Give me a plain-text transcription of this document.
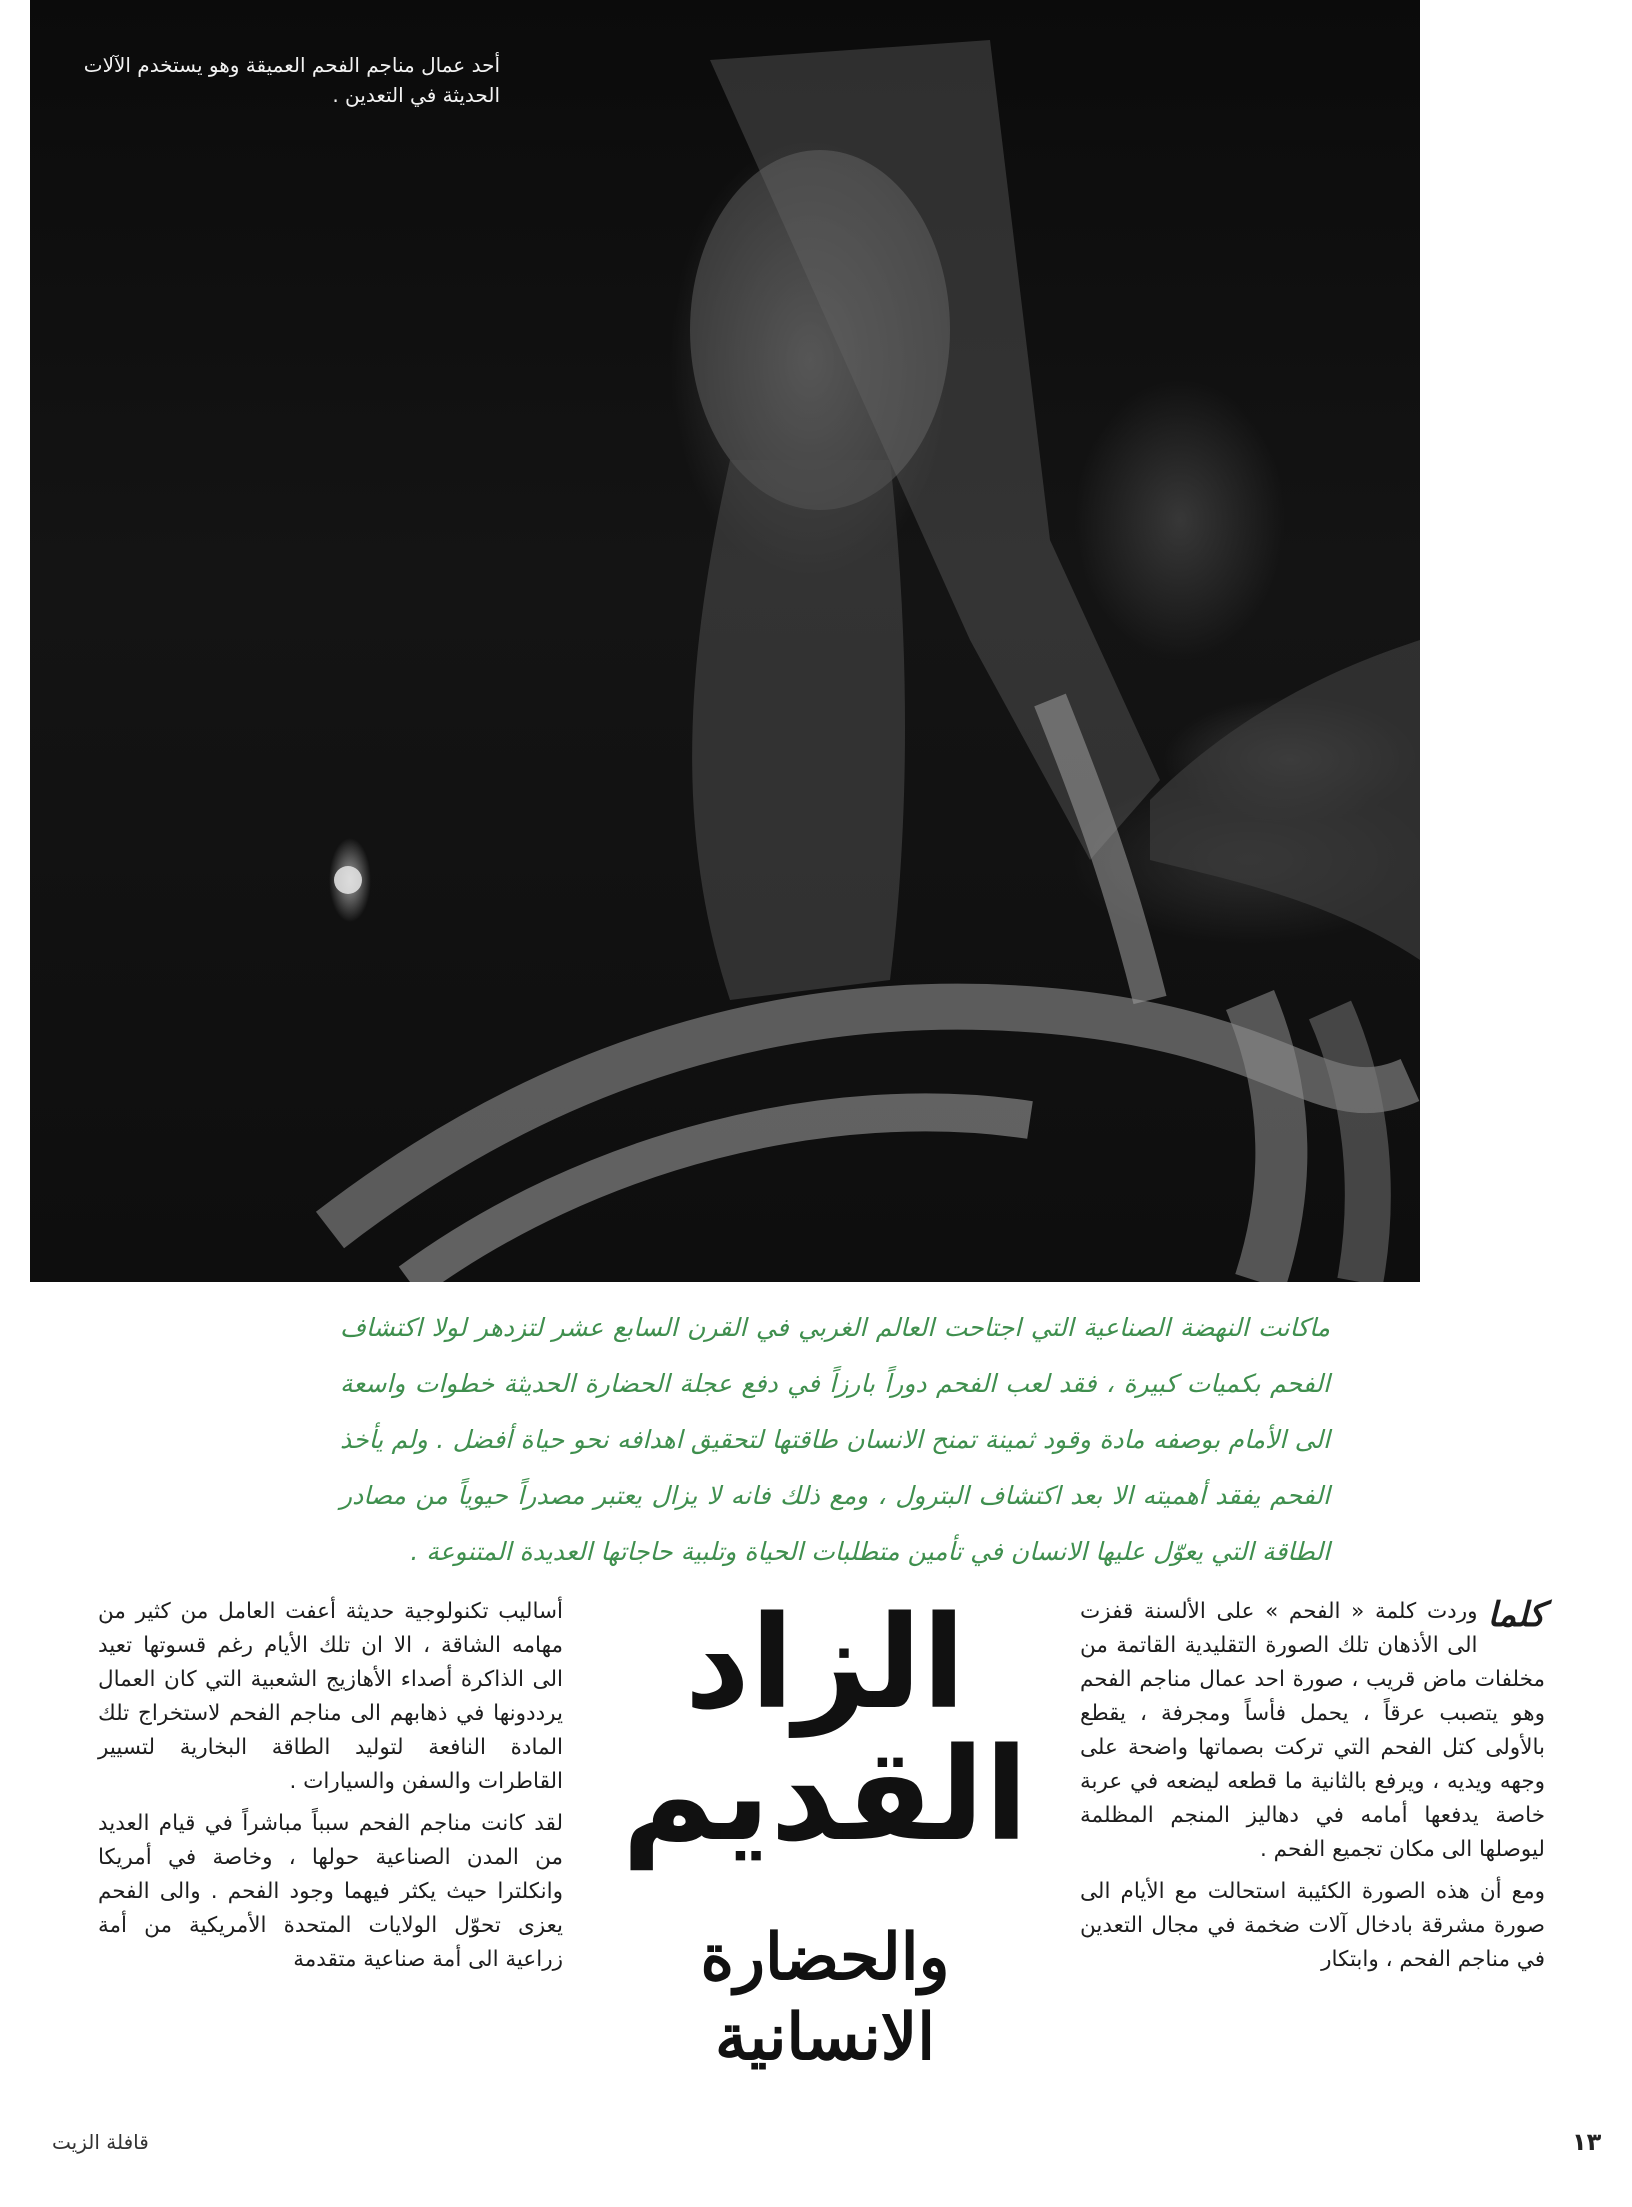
أحد عمال مناجم الفحم العميقة وهو يستخدم الآلات الحديثة في التعدين .
ماكانت النهضة الصناعية التي اجتاحت العالم الغربي في القرن السابع عشر لتزدهر لولا اكتشاف الفحم بكميات كبيرة ، فقد لعب الفحم دوراً بارزاً في دفع عجلة الحضارة الحديثة خطوات واسعة الى الأمام بوصفه مادة وقود ثمينة تمنح الانسان طاقتها لتحقيق اهدافه نحو حياة أفضل . ولم يأخذ الفحم يفقد أهميته الا بعد اكتشاف البترول ، ومع ذلك فانه لا يزال يعتبر مصدراً حيوياً من مصادر الطاقة التي يعوّل عليها الانسان في تأمين متطلبات الحياة وتلبية حاجاتها العديدة المتنوعة .
كلما

وردت كلمة « الفحم » على الألسنة قفزت الى الأذهان تلك الصورة التقليدية القاتمة من مخلفات ماض قريب ، صورة احد عمال مناجم الفحم وهو يتصبب عرقاً ، يحمل فأساً ومجرفة ، يقطع بالأولى كتل الفحم التي تركت بصماتها واضحة على وجهه ويديه ، ويرفع بالثانية ما قطعه ليضعه في عربة خاصة يدفعها أمامه في دهاليز المنجم المظلمة ليوصلها الى مكان تجميع الفحم .

ومع أن هذه الصورة الكئيبة استحالت مع الأيام الى صورة مشرقة بادخال آلات ضخمة في مجال التعدين في مناجم الفحم ، وابتكار

الزاد القديم
والحضارة الانسانية

أساليب تكنولوجية حديثة أعفت العامل من كثير من مهامه الشاقة ، الا ان تلك الأيام رغم قسوتها تعيد الى الذاكرة أصداء الأهازيج الشعبية التي كان العمال يرددونها في ذهابهم الى مناجم الفحم لاستخراج تلك المادة النافعة لتوليد الطاقة البخارية لتسيير القاطرات والسفن والسيارات .

لقد كانت مناجم الفحم سبباً مباشراً في قيام العديد من المدن الصناعية حولها ، وخاصة في أمريكا وانكلترا حيث يكثر فيهما وجود الفحم . والى الفحم يعزى تحوّل الولايات المتحدة الأمريكية من أمة زراعية الى أمة صناعية متقدمة

قافلة الزيت	١٣
